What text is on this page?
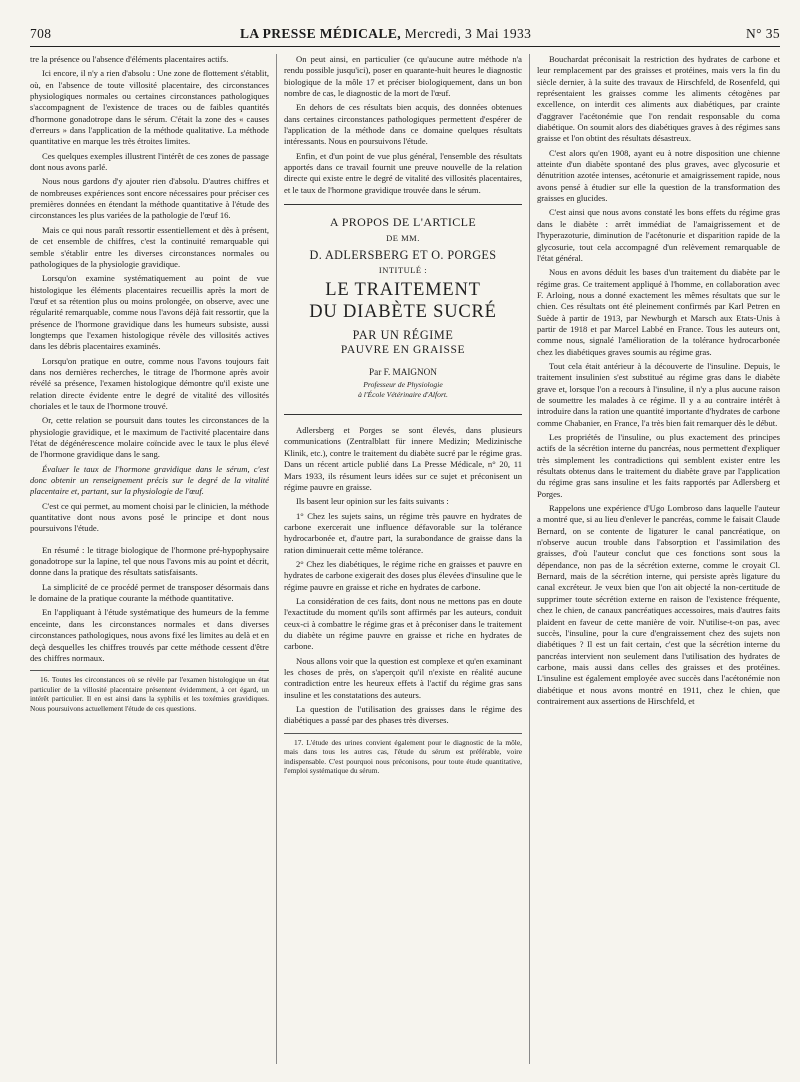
708	LA PRESSE MÉDICALE, Mercredi, 3 Mai 1933	N° 35

tre la présence ou l'absence d'éléments placentaires actifs.

Ici encore, il n'y a rien d'absolu : Une zone de flottement s'établit, où, en l'absence de toute villosité placentaire, des circonstances physiologiques normales ou certaines circonstances pathologiques s'accompagnent de l'existence de traces ou de faibles quantités d'hormone gonadotrope dans le sérum. C'était la zone des « causes d'erreurs » dans l'application de la méthode qualitative. La méthode quantitative en marque les très étroites limites.

Ces quelques exemples illustrent l'intérêt de ces zones de passage dont nous avons parlé.

Nous nous gardons d'y ajouter rien d'absolu. D'autres chiffres et de nombreuses expériences sont encore nécessaires pour préciser ces premières données en étendant la méthode quantitative à l'étude des circonstances les plus variées de la pathologie de l'œuf 16.

Mais ce qui nous paraît ressortir essentiellement et dès à présent, de cet ensemble de chiffres, c'est la continuité remarquable qui semble s'établir entre les diverses circonstances normales ou pathologiques de la physiologie gravidique.

Lorsqu'on examine systématiquement au point de vue histologique les éléments placentaires recueillis après la mort de l'œuf et sa rétention plus ou moins prolongée, on observe, avec une régularité remarquable, comme nous l'avons déjà fait ressortir, que la présence de l'hormone gravidique dans les humeurs subsiste, aussi longtemps que l'examen histologique révèle des villosités actives dans les débris placentaires examinés.

Lorsqu'on pratique en outre, comme nous l'avons toujours fait dans nos dernières recherches, le titrage de l'hormone après avoir révélé sa présence, l'examen histologique démontre qu'il existe une relation directe évidente entre le degré de vitalité des villosités choriales et le taux de l'hormone trouvé.

Or, cette relation se poursuit dans toutes les circonstances de la physiologie gravidique, et le maximum de l'activité placentaire dans l'état de dégénérescence molaire coïncide avec le taux le plus élevé de l'hormone gravidique dans le sang.

Évaluer le taux de l'hormone gravidique dans le sérum, c'est donc obtenir un renseignement précis sur le degré de la vitalité placentaire et, partant, sur la physiologie de l'œuf.

C'est ce qui permet, au moment choisi par le clinicien, la méthode quantitative dont nous avons posé le principe et dont nous poursuivons l'étude.

En résumé : le titrage biologique de l'hormone pré-hypophysaire gonadotrope sur la lapine, tel que nous l'avons mis au point et décrit, donne dans la pratique des résultats satisfaisants.

La simplicité de ce procédé permet de transposer désormais dans le domaine de la pratique courante la méthode quantitative.

En l'appliquant à l'étude systématique des humeurs de la femme enceinte, dans les circonstances normales et dans diverses circonstances pathologiques, nous avons fixé les limites au delà et en deçà desquelles les chiffres trouvés par cette méthode cessent d'être des chiffres normaux.

16. Toutes les circonstances où se révèle par l'examen histologique un état particulier de la villosité placentaire présentent évidemment, à cet égard, un intérêt particulier. Il en est ainsi dans la syphilis et les toxémies gravidiques. Nous poursuivons actuellement l'étude de ces questions.

On peut ainsi, en particulier (ce qu'aucune autre méthode n'a rendu possible jusqu'ici), poser en quarante-huit heures le diagnostic biologique de la môle 17 et préciser biologiquement, dans un bon nombre de cas, le diagnostic de la mort de l'œuf.

En dehors de ces résultats bien acquis, des données obtenues dans certaines circonstances pathologiques permettent d'espérer de l'application de la méthode dans ce domaine quelques résultats intéressants. Nous en poursuivons l'étude.

Enfin, et d'un point de vue plus général, l'ensemble des résultats apportés dans ce travail fournit une preuve nouvelle de la relation directe qui existe entre le degré de vitalité des villosités placentaires, et le taux de l'hormone gravidique trouvée dans le sérum.

A PROPOS DE L'ARTICLE
DE MM.
D. ADLERSBERG ET O. PORGES
INTITULÉ :
LE TRAITEMENT
DU DIABÈTE SUCRÉ
PAR UN RÉGIME
PAUVRE EN GRAISSE
Par F. MAIGNON
Professeur de Physiologie
à l'École Vétérinaire d'Alfort.

Adlersberg et Porges se sont élevés, dans plusieurs communications (Zentralblatt für innere Medizin; Medizinische Klinik, etc.), contre le traitement du diabète sucré par le régime gras. Dans un récent article publié dans La Presse Médicale, n° 20, 11 Mars 1933, ils résument leurs idées sur ce sujet et préconisent un régime pauvre en graisse.

Ils basent leur opinion sur les faits suivants :

1° Chez les sujets sains, un régime très pauvre en hydrates de carbone exercerait une influence défavorable sur la tolérance hydrocarbonée et, d'autre part, la surabondance de graisse dans la ration diminuerait cette même tolérance.

2° Chez les diabétiques, le régime riche en graisses et pauvre en hydrates de carbone exigerait des doses plus élevées d'insuline que le régime pauvre en graisse et riche en hydrates de carbone.

La considération de ces faits, dont nous ne mettons pas en doute l'exactitude du moment qu'ils sont affirmés par les auteurs, conduit ceux-ci à combattre le régime gras et à préconiser dans le traitement du diabète un régime pauvre en graisse et riche en hydrates de carbone.

Nous allons voir que la question est complexe et qu'en examinant les choses de près, on s'aperçoit qu'il n'existe en réalité aucune contradiction entre les heureux effets à l'actif du régime gras sans insuline et les constatations des auteurs.

La question de l'utilisation des graisses dans le régime des diabétiques a passé par des phases très diverses.

17. L'étude des urines convient également pour le diagnostic de la môle, mais dans tous les autres cas, l'étude du sérum est préférable, voire indispensable. C'est pourquoi nous préconisons, pour toute étude quantitative, l'emploi systématique du sérum.

Bouchardat préconisait la restriction des hydrates de carbone et leur remplacement par des graisses et protéines, mais vers la fin du siècle dernier, à la suite des travaux de Hirschfeld, de Rosenfeld, qui représentaient les graisses comme les aliments cétogènes par excellence, on interdit ces aliments aux diabétiques, par crainte d'aggraver l'acétonémie que l'on rendait responsable du coma diabétique. On soumit alors des diabétiques graves à des régimes sans graisse et l'on obtint des résultats désastreux.

C'est alors qu'en 1908, ayant eu à notre disposition une chienne atteinte d'un diabète spontané des plus graves, avec glycosurie et dénutrition azotée intenses, acétonurie et amaigrissement rapide, nous avons pensé à étudier sur elle la question de la transformation des graisses en glucides.

C'est ainsi que nous avons constaté les bons effets du régime gras dans le diabète : arrêt immédiat de l'amaigrissement et de l'hyperazoturie, diminution de l'acétonurie et disparition rapide de la glycosurie, tout cela accompagné d'un relèvement remarquable de l'état général.

Nous en avons déduit les bases d'un traitement du diabète par le régime gras. Ce traitement appliqué à l'homme, en collaboration avec F. Arloing, nous a donné exactement les mêmes résultats que sur le chien. Ces résultats ont été pleinement confirmés par Karl Petren en Suède à partir de 1913, par Newburgh et Marsch aux Etats-Unis à partir de 1918 et par Marcel Labbé en France. Tous les auteurs ont, comme nous, signalé l'amélioration de la tolérance hydrocarbonée chez les diabétiques graves soumis au régime gras.

Tout cela était antérieur à la découverte de l'insuline. Depuis, le traitement insulinien s'est substitué au régime gras dans le diabète grave et, lorsque l'on a recours à l'insuline, il n'y a plus aucune raison de soumettre les malades à ce régime. Il y a au contraire intérêt à introduire dans la ration une quantité importante d'hydrates de carbone comme Chabanier, en France, l'a très bien fait remarquer dès le début.

Les propriétés de l'insuline, ou plus exactement des principes actifs de la sécrétion interne du pancréas, nous permettent d'expliquer très simplement les contradictions qui semblent exister entre les résultats obtenus dans le traitement du diabète grave par l'application du régime gras sans insuline et les faits rapportés par Adlersberg et Porges.

Rappelons une expérience d'Ugo Lombroso dans laquelle l'auteur a montré que, si au lieu d'enlever le pancréas, comme le faisait Claude Bernard, on se contente de ligaturer le canal pancréatique, on n'observe aucun trouble dans l'absorption et l'assimilation des graisses, d'où l'auteur conclut que ces fonctions sont sous la dépendance, non pas de la sécrétion externe, comme le croyait Cl. Bernard, mais de la sécrétion interne, qui persiste après ligature du canal excréteur. Je veux bien que l'on ait objecté la non-certitude de supprimer toute sécrétion externe en raison de l'existence fréquente, chez le chien, de canaux pancréatiques accessoires, mais d'autres faits plaident en faveur de cette manière de voir. N'utilise-t-on pas, avec succès, l'insuline, pour la cure d'engraissement chez des sujets non diabétiques ? Il est un fait certain, c'est que la sécrétion interne du pancréas intervient non seulement dans l'utilisation des hydrates de carbone, mais aussi dans celles des graisses et des protéines. L'insuline est également employée avec succès dans l'acétonémie non diabétique et nous avons montré en 1911, chez le chien, que contrairement aux assertions de Hirschfeld, et
